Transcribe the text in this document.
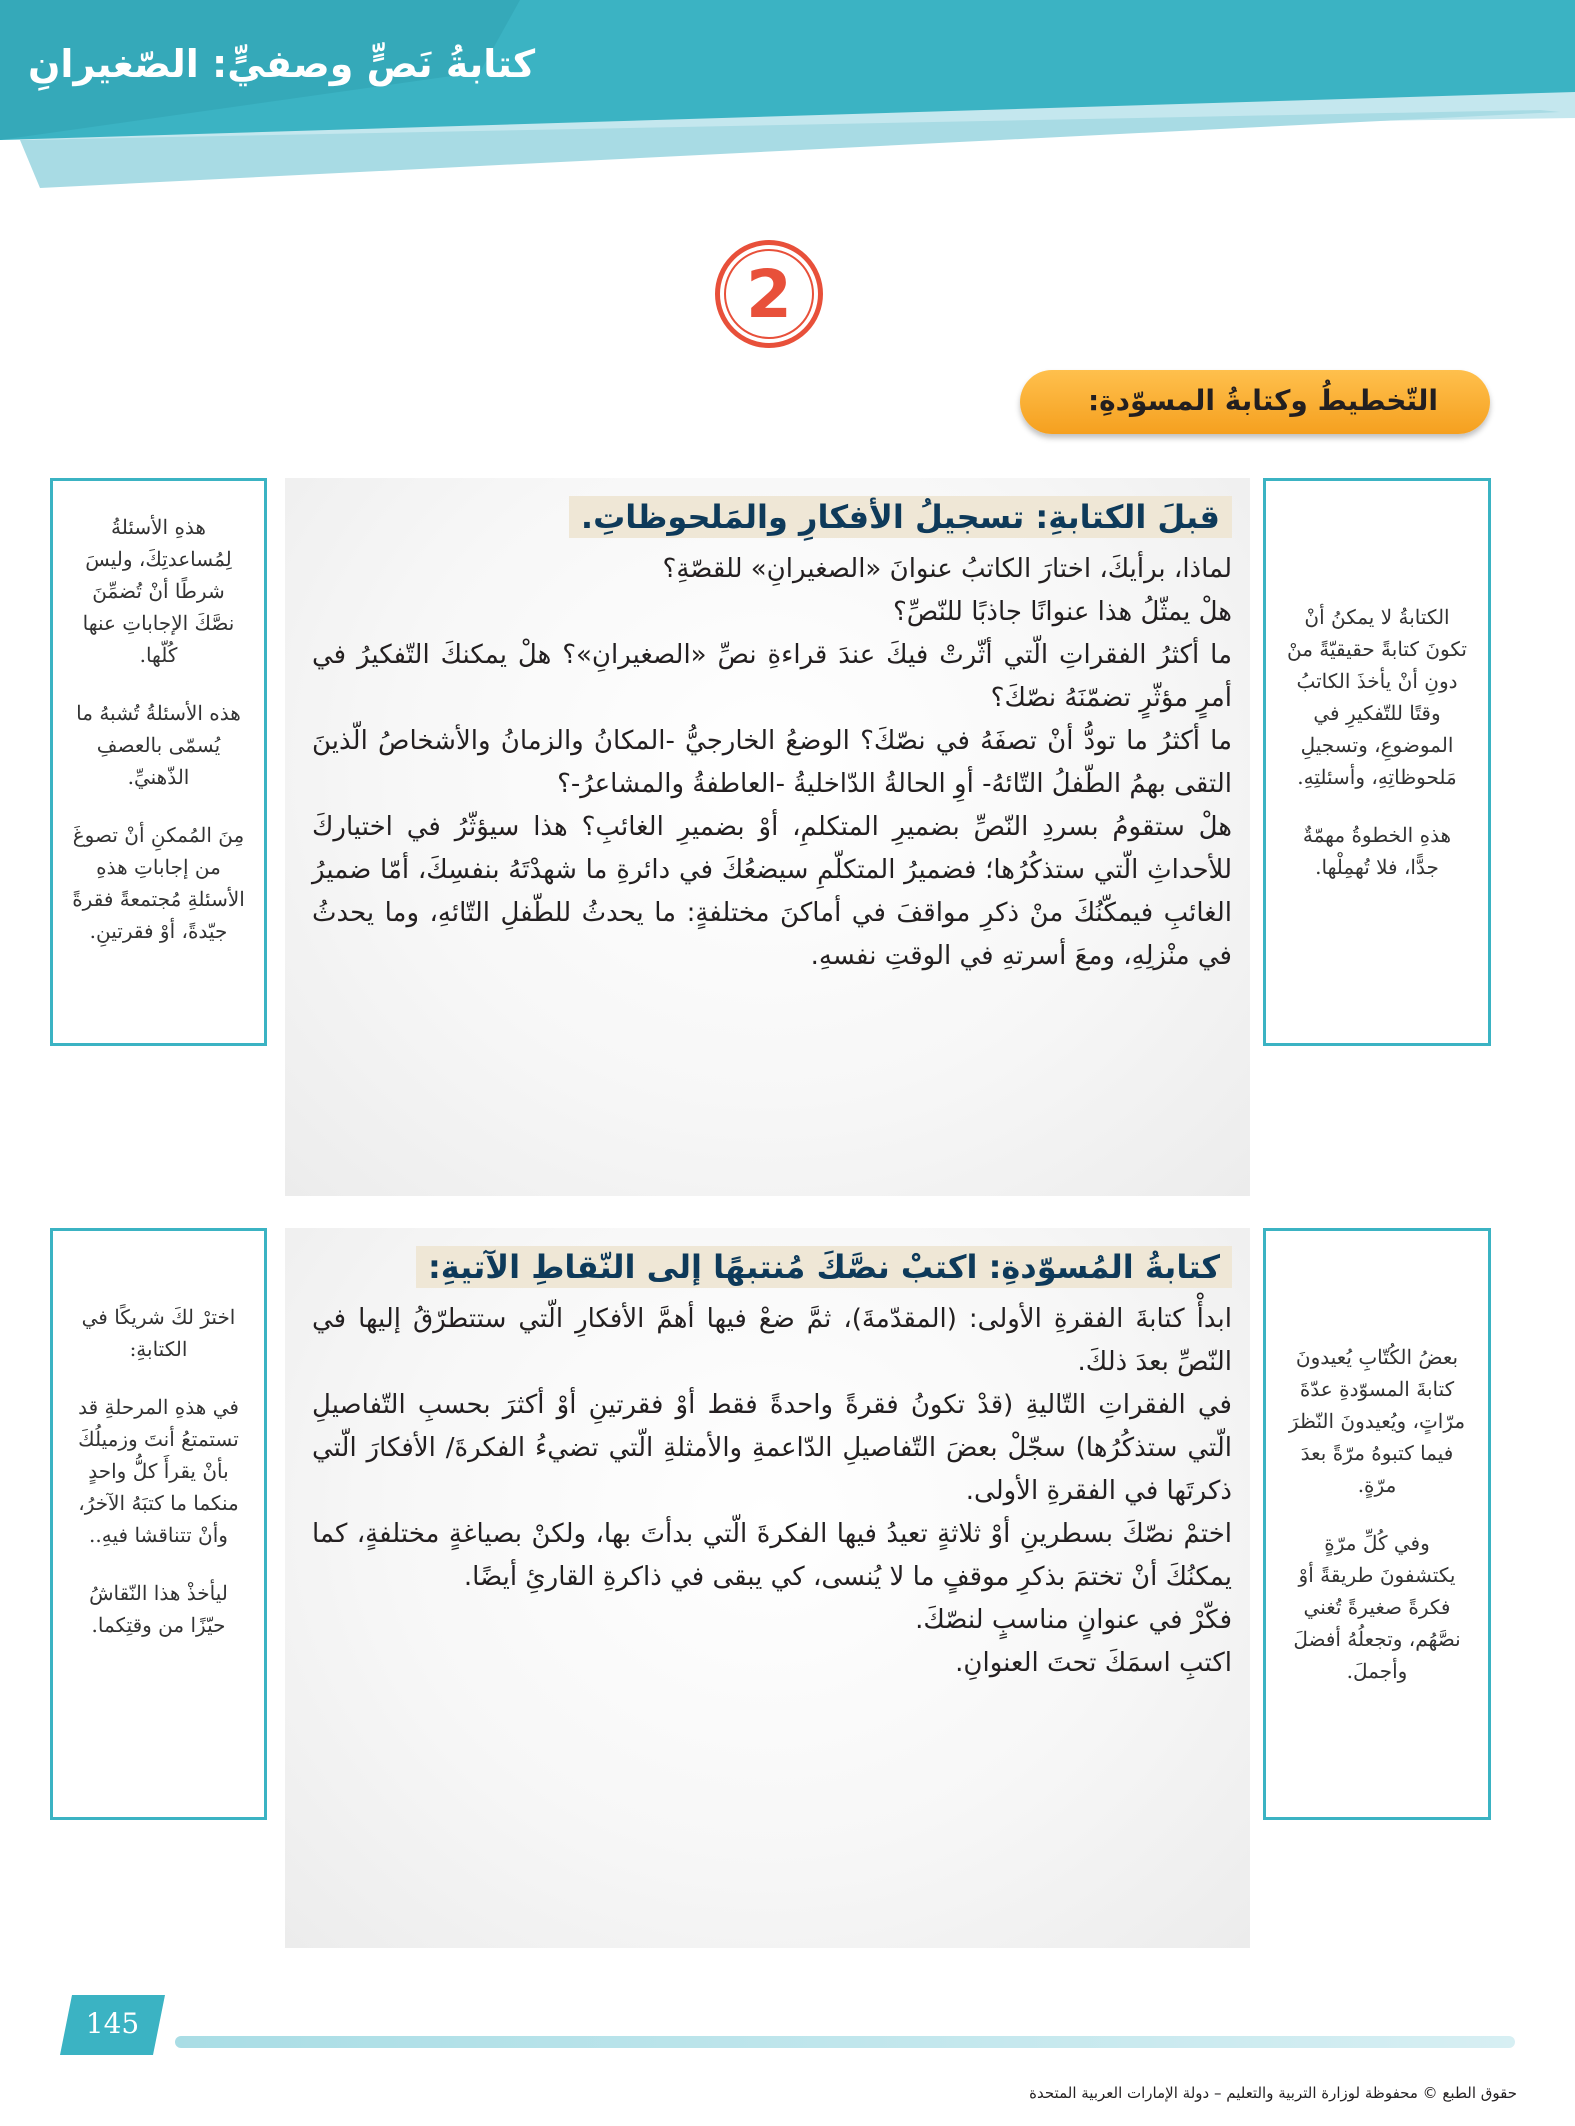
كتابةُ نَصٍّ وصفيٍّ: الصّغيرانِ
2
التّخطيطُ وكتابةُ المسوّدةِ:

هذهِ الأسئلةُ لِمُساعدتِكَ، وليسَ شرطًا أنْ تُضمِّنَ نصَّكَ الإجاباتِ عنها كُلّها.

هذه الأسئلةُ تُشبهُ ما يُسمّى بالعصفِ الذّهنيِّ.

مِنَ المُمكنِ أنْ تصوغَ من إجاباتِ هذهِ الأسئلةِ مُجتمعةً فقرةً جيّدةً، أوْ فقرتينِ.

قبلَ الكتابةِ: تسجيلُ الأفكارِ والمَلحوظاتِ.

لماذا، برأيكَ، اختارَ الكاتبُ عنوانَ «الصغيرانِ» للقصّةِ؟

هلْ يمثّلُ هذا عنوانًا جاذبًا للنّصِّ؟

ما أكثرُ الفقراتِ الّتي أثّرتْ فيكَ عندَ قراءةِ نصِّ «الصغيرانِ»؟ هلْ يمكنكَ التّفكيرُ في أمرٍ مؤثّرٍ تضمّنَهُ نصّكَ؟

ما أكثرُ ما تودُّ أنْ تصفَهُ في نصّكَ؟ الوضعُ الخارجيُّ -المكانُ والزمانُ والأشخاصُ الّذينَ التقى بهمُ الطّفلُ التّائهُ- أوِ الحالةُ الدّاخليةُ -العاطفةُ والمشاعرُ-؟

هلْ ستقومُ بسردِ النّصِّ بضميرِ المتكلمِ، أوْ بضميرِ الغائبِ؟ هذا سيؤثّرُ في اختياركَ للأحداثِ الّتي ستذكُرُها؛ فضميرُ المتكلّمِ سيضعُكَ في دائرةِ ما شهدْتَهُ بنفسِكَ، أمّا ضميرُ الغائبِ فيمكّنُكَ منْ ذكرِ مواقفَ في أماكنَ مختلفةٍ: ما يحدثُ للطّفلِ التّائهِ، وما يحدثُ في منْزلِهِ، ومعَ أسرتهِ في الوقتِ نفسهِ.

الكتابةُ لا يمكنُ أنْ تكونَ كتابةً حقيقيّةً منْ دونِ أنْ يأخذَ الكاتبُ وقتًا للتّفكيرِ في الموضوعِ، وتسجيلِ مَلحوظاتِهِ، وأسئلتِهِ.

هذهِ الخطوةُ مهمّةٌ جدًّا، فلا تُهمِلْها.

اخترْ لكَ شريكًا في الكتابةِ:

في هذهِ المرحلةِ قد تستمتعُ أنتَ وزميلُكَ بأنْ يقرأَ كلُّ واحدٍ منكما ما كتبَهُ الآخرُ، وأنْ تتناقشا فيهِ..

ليأخذْ هذا النّقاشُ حيّزًا من وقتِكما.

كتابةُ المُسوّدةِ: اكتبْ نصَّكَ مُنتبهًا إلى النّقاطِ الآتيةِ:

ابدأْ كتابةَ الفقرةِ الأولى: (المقدّمةَ)، ثمَّ ضعْ فيها أهمَّ الأفكارِ الّتي ستتطرّقُ إليها في النّصِّ بعدَ ذلكَ.

في الفقراتِ التّاليةِ (قدْ تكونُ فقرةً واحدةً فقط أوْ فقرتينِ أوْ أكثرَ بحسبِ التّفاصيلِ الّتي ستذكُرُها) سجّلْ بعضَ التّفاصيلِ الدّاعمةِ والأمثلةِ الّتي تضيءُ الفكرةَ/ الأفكارَ الّتي ذكرتَها في الفقرةِ الأولى.

اختمْ نصّكَ بسطرينِ أوْ ثلاثةٍ تعيدُ فيها الفكرةَ الّتي بدأتَ بها، ولكنْ بصياغةٍ مختلفةٍ، كما يمكنُكَ أنْ تختمَ بذكرِ موقفٍ ما لا يُنسى، كي يبقى في ذاكرةِ القارئِ أيضًا.

فكّرْ في عنوانٍ مناسبٍ لنصّكَ.

اكتبِ اسمَكَ تحتَ العنوانِ.

بعضُ الكُتّابِ يُعيدونَ كتابةَ المسوّدةِ عدّةَ مرّاتٍ، ويُعيدونَ النّظرَ فيما كتبوهُ مرّةً بعدَ مرّةٍ.

وفي كُلِّ مرّةٍ يكتشفونَ طريقةً أوْ فكرةً صغيرةً تُغني نصَّهُم، وتجعلُهُ أفضلَ وأجملَ.

145
حقوق الطبع © محفوظة لوزارة التربية والتعليم – دولة الإمارات العربية المتحدة
